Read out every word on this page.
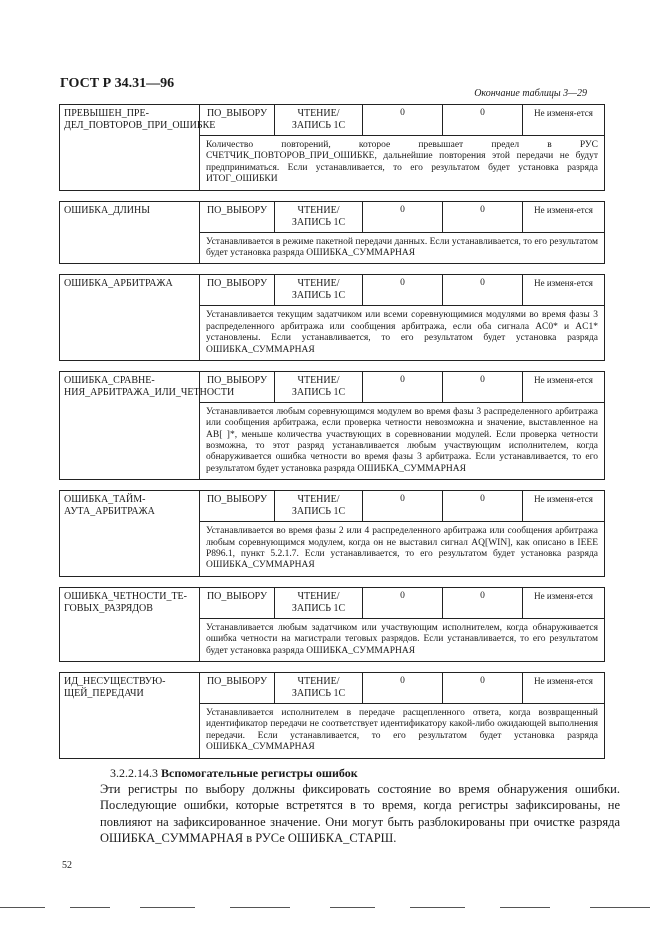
ГОСТ Р 34.31—96
Окончание таблицы 3—29
ПРЕВЫШЕН_ПРЕ-ДЕЛ_ПОВТОРОВ_ПРИ_ОШИБКЕ	ПО_ВЫБОРУ	ЧТЕНИЕ/ ЗАПИСЬ 1С	0	0	Не изменя-ется
	Количество повторений, которое превышает предел в РУС СЧЕТЧИК_ПОВТОРОВ_ПРИ_ОШИБКЕ, дальнейшие повторения этой передачи не будут предприниматься. Если устанавливается, то его результатом будет установка разряда ИТОГ_ОШИБКИ				

ОШИБКА_ДЛИНЫ	ПО_ВЫБОРУ	ЧТЕНИЕ/ ЗАПИСЬ 1С	0	0	Не изменя-ется
	Устанавливается в режиме пакетной передачи данных. Если устанавливается, то его результатом будет установка разряда ОШИБКА_СУММАРНАЯ				

ОШИБКА_АРБИТРАЖА	ПО_ВЫБОРУ	ЧТЕНИЕ/ ЗАПИСЬ 1С	0	0	Не изменя-ется
	Устанавливается текущим задатчиком или всеми соревнующимися модулями во время фазы 3 распределенного арбитража или сообщения арбитража, если оба сигнала AC0* и AC1* установлены. Если устанавливается, то его результатом будет установка разряда ОШИБКА_СУММАРНАЯ				

ОШИБКА_СРАВНЕ-НИЯ_АРБИТРАЖА_ИЛИ_ЧЕТНОСТИ	ПО_ВЫБОРУ	ЧТЕНИЕ/ ЗАПИСЬ 1С	0	0	Не изменя-ется
	Устанавливается любым соревнующимся модулем во время фазы 3 распределенного арбитража или сообщения арбитража, если проверка четности невозможна и значение, выставленное на АВ[ ]*, меньше количества участвующих в соревновании модулей. Если проверка четности возможна, то этот разряд устанавливается любым участвующим исполнителем, когда обнаруживается ошибка четности во время фазы 3 арбитража. Если устанавливается, то его результатом будет установка разряда ОШИБКА_СУММАРНАЯ				

ОШИБКА_ТАЙМ-АУТА_АРБИТРАЖА	ПО_ВЫБОРУ	ЧТЕНИЕ/ ЗАПИСЬ 1С	0	0	Не изменя-ется
	Устанавливается во время фазы 2 или 4 распределенного арбитража или сообщения арбитража любым соревнующимся модулем, когда он не выставил сигнал AQ[WIN], как описано в IEEE P896.1, пункт 5.2.1.7. Если устанавливается, то его результатом будет установка разряда ОШИБКА_СУММАРНАЯ				

ОШИБКА_ЧЕТНОСТИ_ТЕ-ГОВЫХ_РАЗРЯДОВ	ПО_ВЫБОРУ	ЧТЕНИЕ/ ЗАПИСЬ 1С	0	0	Не изменя-ется
	Устанавливается любым задатчиком или участвующим исполнителем, когда обнаруживается ошибка четности на магистрали теговых разрядов. Если устанавливается, то его результатом будет установка разряда ОШИБКА_СУММАРНАЯ				

ИД_НЕСУЩЕСТВУЮ-ЩЕЙ_ПЕРЕДАЧИ	ПО_ВЫБОРУ	ЧТЕНИЕ/ ЗАПИСЬ 1С	0	0	Не изменя-ется
	Устанавливается исполнителем в передаче расщепленного ответа, когда возвращенный идентификатор передачи не соответствует идентификатору какой-либо ожидающей выполнения передачи. Если устанавливается, то его результатом будет установка разряда ОШИБКА_СУММАРНАЯ				
3.2.2.14.3 Вспомогательные регистры ошибок
Эти регистры по выбору должны фиксировать состояние во время обнаружения ошибки. Последующие ошибки, которые встретятся в то время, когда регистры зафиксированы, не повлияют на зафиксированное значение. Они могут быть разблокированы при очистке разряда ОШИБКА_СУММАРНАЯ в РУСе ОШИБКА_СТАРШ.
52
